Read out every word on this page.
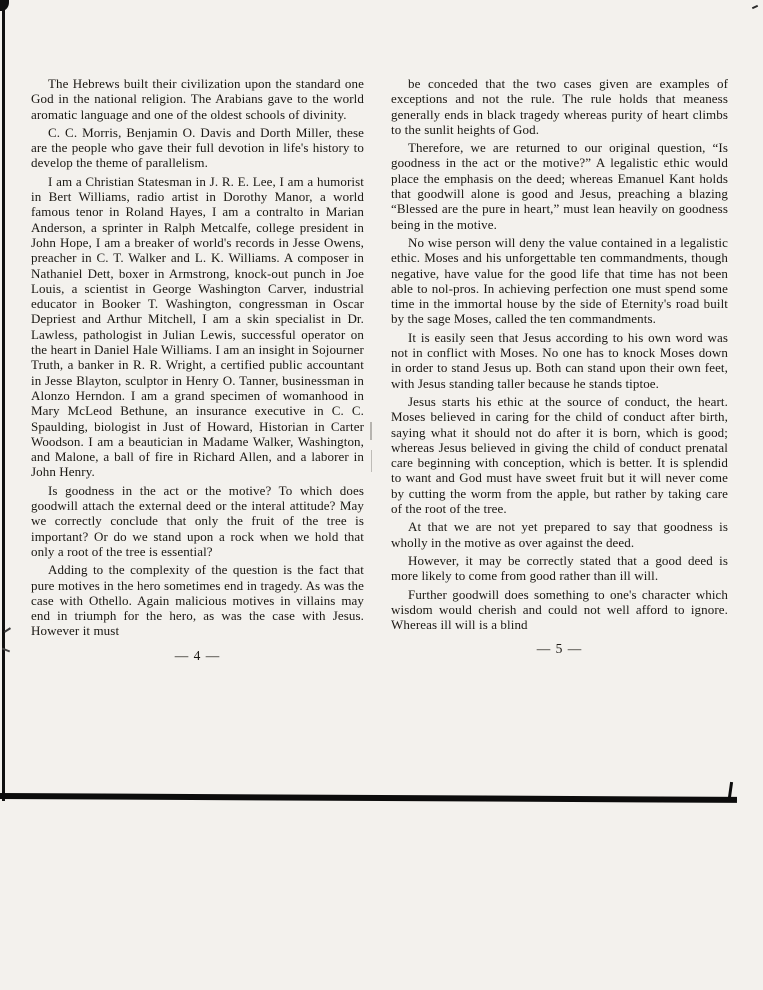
The Hebrews built their civilization upon the standard one God in the national religion. The Arabians gave to the world aromatic language and one of the oldest schools of divinity.

C. C. Morris, Benjamin O. Davis and Dorth Miller, these are the people who gave their full devotion in life's history to develop the theme of parallelism.

I am a Christian Statesman in J. R. E. Lee, I am a humorist in Bert Williams, radio artist in Dorothy Manor, a world famous tenor in Roland Hayes, I am a contralto in Marian Anderson, a sprinter in Ralph Metcalfe, college president in John Hope, I am a breaker of world's records in Jesse Owens, preacher in C. T. Walker and L. K. Williams. A composer in Nathaniel Dett, boxer in Armstrong, knock-out punch in Joe Louis, a scientist in George Washington Carver, industrial educator in Booker T. Washington, congressman in Oscar Depriest and Arthur Mitchell, I am a skin specialist in Dr. Lawless, pathologist in Julian Lewis, successful operator on the heart in Daniel Hale Williams. I am an insight in Sojourner Truth, a banker in R. R. Wright, a certified public accountant in Jesse Blayton, sculptor in Henry O. Tanner, businessman in Alonzo Herndon. I am a grand specimen of womanhood in Mary McLeod Bethune, an insurance executive in C. C. Spaulding, biologist in Just of Howard, Historian in Carter Woodson. I am a beautician in Madame Walker, Washington, and Malone, a ball of fire in Richard Allen, and a laborer in John Henry.

Is goodness in the act or the motive? To which does goodwill attach the external deed or the interal attitude? May we correctly conclude that only the fruit of the tree is important? Or do we stand upon a rock when we hold that only a root of the tree is essential?

Adding to the complexity of the question is the fact that pure motives in the hero sometimes end in tragedy. As was the case with Othello. Again malicious motives in villains may end in triumph for the hero, as was the case with Jesus. However it must

— 4 —

be conceded that the two cases given are examples of exceptions and not the rule. The rule holds that meaness generally ends in black tragedy whereas purity of heart climbs to the sunlit heights of God.

Therefore, we are returned to our original question, “Is goodness in the act or the motive?” A legalistic ethic would place the emphasis on the deed; whereas Emanuel Kant holds that goodwill alone is good and Jesus, preaching a blazing “Blessed are the pure in heart,” must lean heavily on goodness being in the motive.

No wise person will deny the value contained in a legalistic ethic. Moses and his unforgettable ten commandments, though negative, have value for the good life that time has not been able to nol-pros. In achieving perfection one must spend some time in the immortal house by the side of Eternity's road built by the sage Moses, called the ten commandments.

It is easily seen that Jesus according to his own word was not in conflict with Moses. No one has to knock Moses down in order to stand Jesus up. Both can stand upon their own feet, with Jesus standing taller because he stands tiptoe.

Jesus starts his ethic at the source of conduct, the heart. Moses believed in caring for the child of conduct after birth, saying what it should not do after it is born, which is good; whereas Jesus believed in giving the child of conduct prenatal care beginning with conception, which is better. It is splendid to want and God must have sweet fruit but it will never come by cutting the worm from the apple, but rather by taking care of the root of the tree.

At that we are not yet prepared to say that goodness is wholly in the motive as over against the deed.

However, it may be correctly stated that a good deed is more likely to come from good rather than ill will.

Further goodwill does something to one's character which wisdom would cherish and could not well afford to ignore. Whereas ill will is a blind

— 5 —
